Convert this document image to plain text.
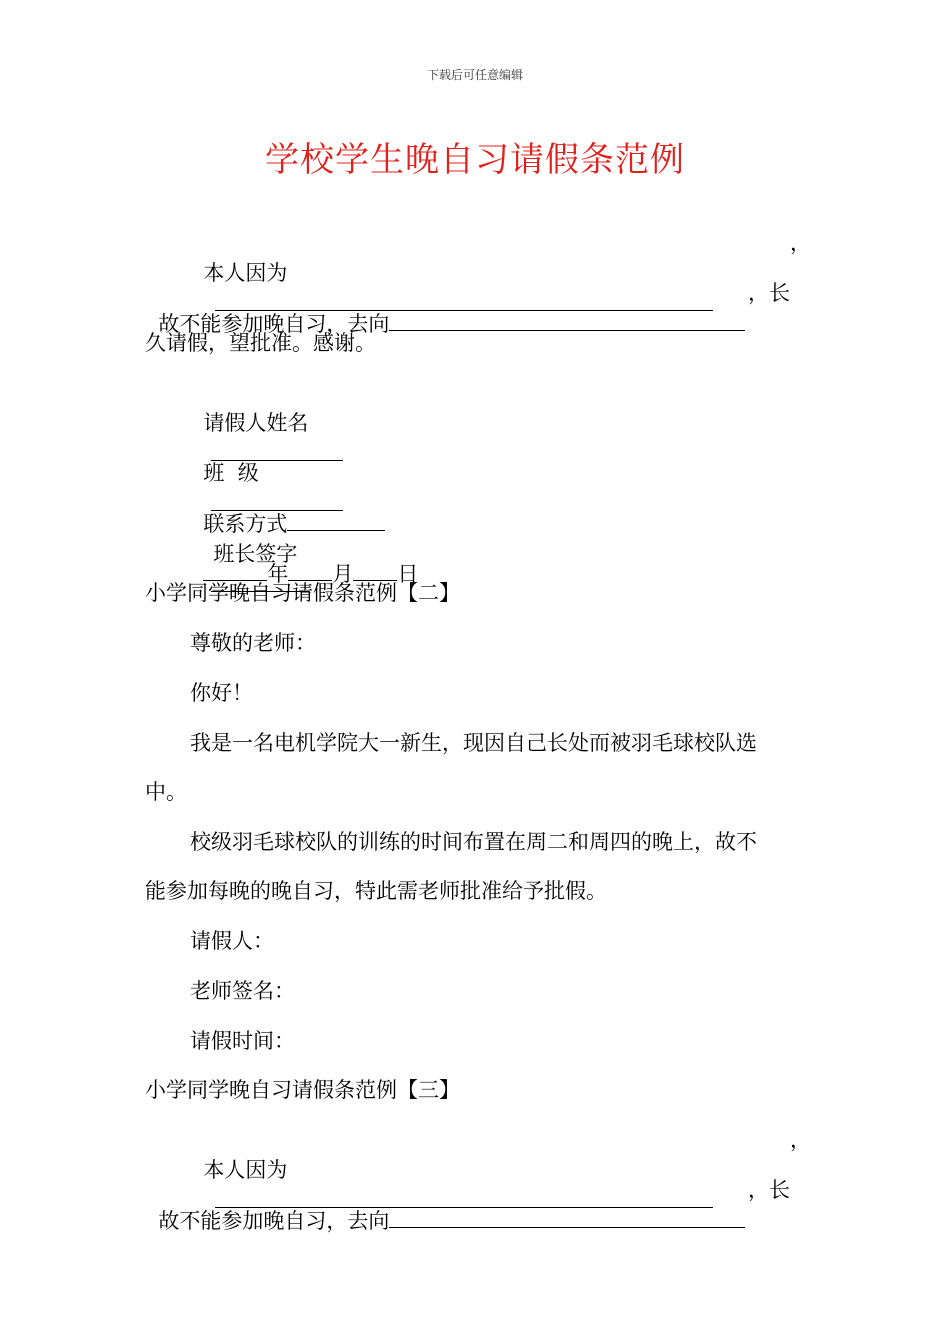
下载后可任意编辑
学校学生晚自习请假条范例

本人因为

，

故不能参加晚自习，去向

，长
久请假，望批准。感谢。

请假人姓名

班  级

联系方式
班长签字

年 月 日

小学同学晚自习请假条范例【二】
尊敬的老师：
你好！
我是一名电机学院大一新生，现因自己长处而被羽毛球校队选
中。
校级羽毛球校队的训练的时间布置在周二和周四的晚上，故不
能参加每晚的晚自习，特此需老师批准给予批假。
请假人：
老师签名：
请假时间：
小学同学晚自习请假条范例【三】

本人因为

，

故不能参加晚自习，去向

，长
